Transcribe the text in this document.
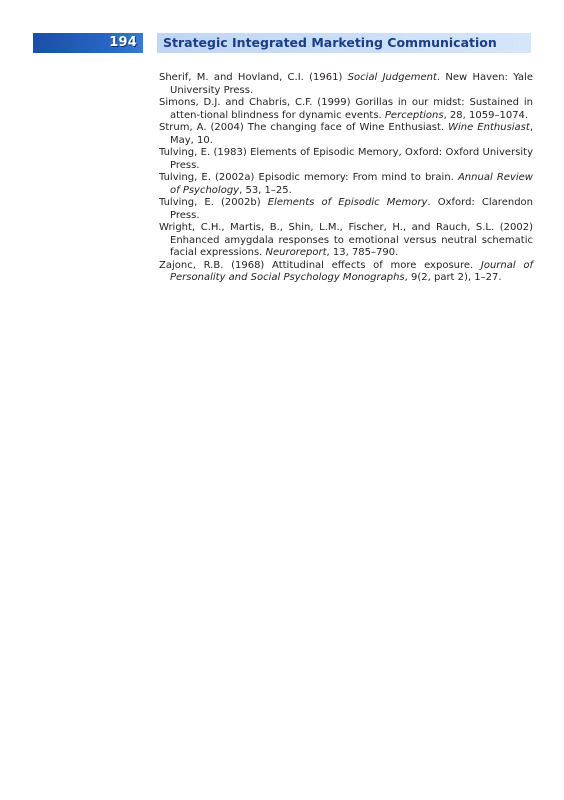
194 Strategic Integrated Marketing Communication

Sherif, M. and Hovland, C.I. (1961) Social Judgement. New Haven: Yale University Press.

Simons, D.J. and Chabris, C.F. (1999) Gorillas in our midst: Sustained in atten-tional blindness for dynamic events. Perceptions, 28, 1059–1074.

Strum, A. (2004) The changing face of Wine Enthusiast. Wine Enthusiast, May, 10.

Tulving, E. (1983) Elements of Episodic Memory, Oxford: Oxford University Press.

Tulving, E. (2002a) Episodic memory: From mind to brain. Annual Review of Psychology, 53, 1–25.

Tulving, E. (2002b) Elements of Episodic Memory. Oxford: Clarendon Press.

Wright, C.H., Martis, B., Shin, L.M., Fischer, H., and Rauch, S.L. (2002) Enhanced amygdala responses to emotional versus neutral schematic facial expressions. Neuroreport, 13, 785–790.

Zajonc, R.B. (1968) Attitudinal effects of more exposure. Journal of Personality and Social Psychology Monographs, 9(2, part 2), 1–27.
